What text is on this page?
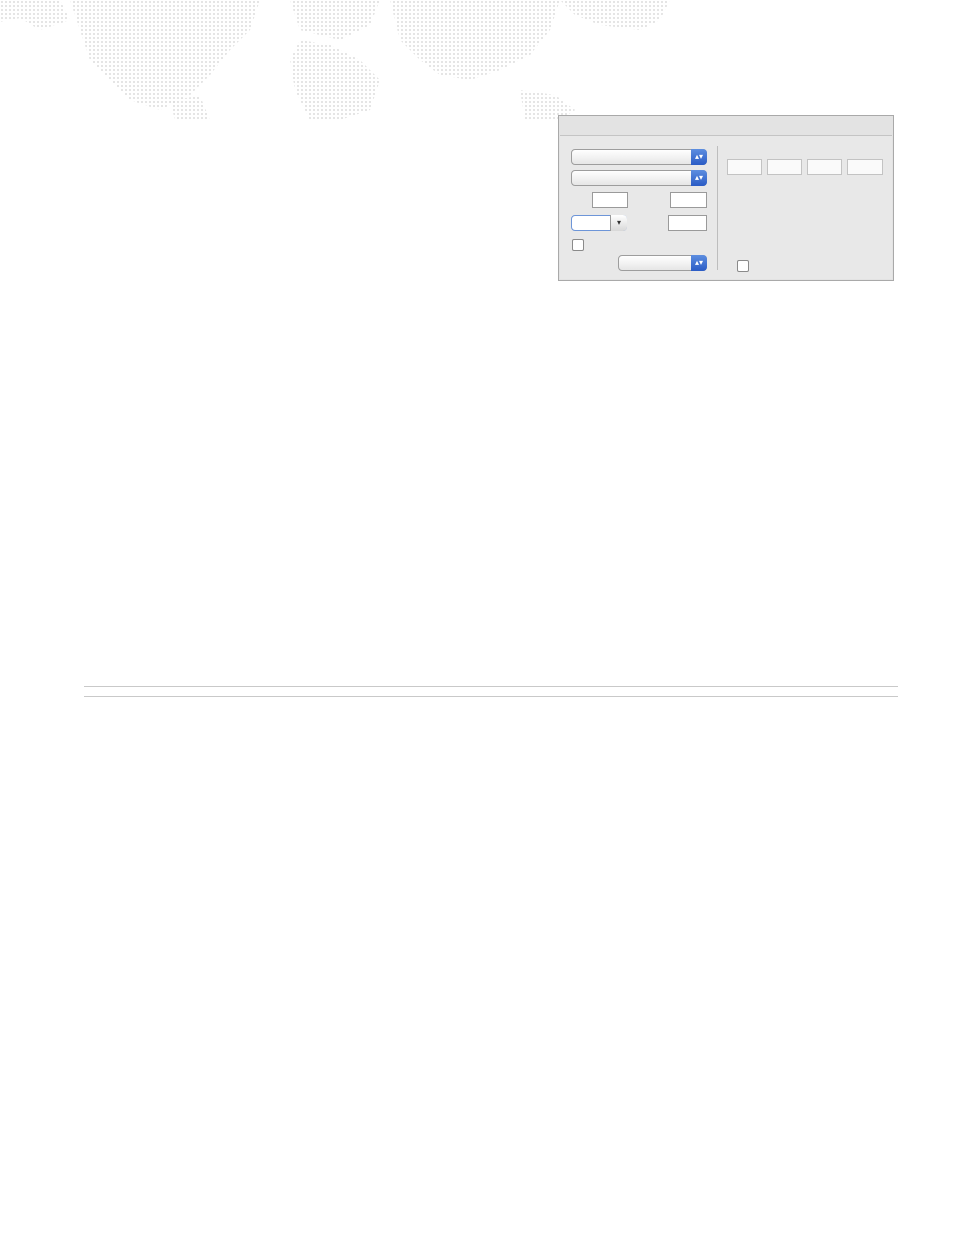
▴▾
▴▾
▾
▴▾
